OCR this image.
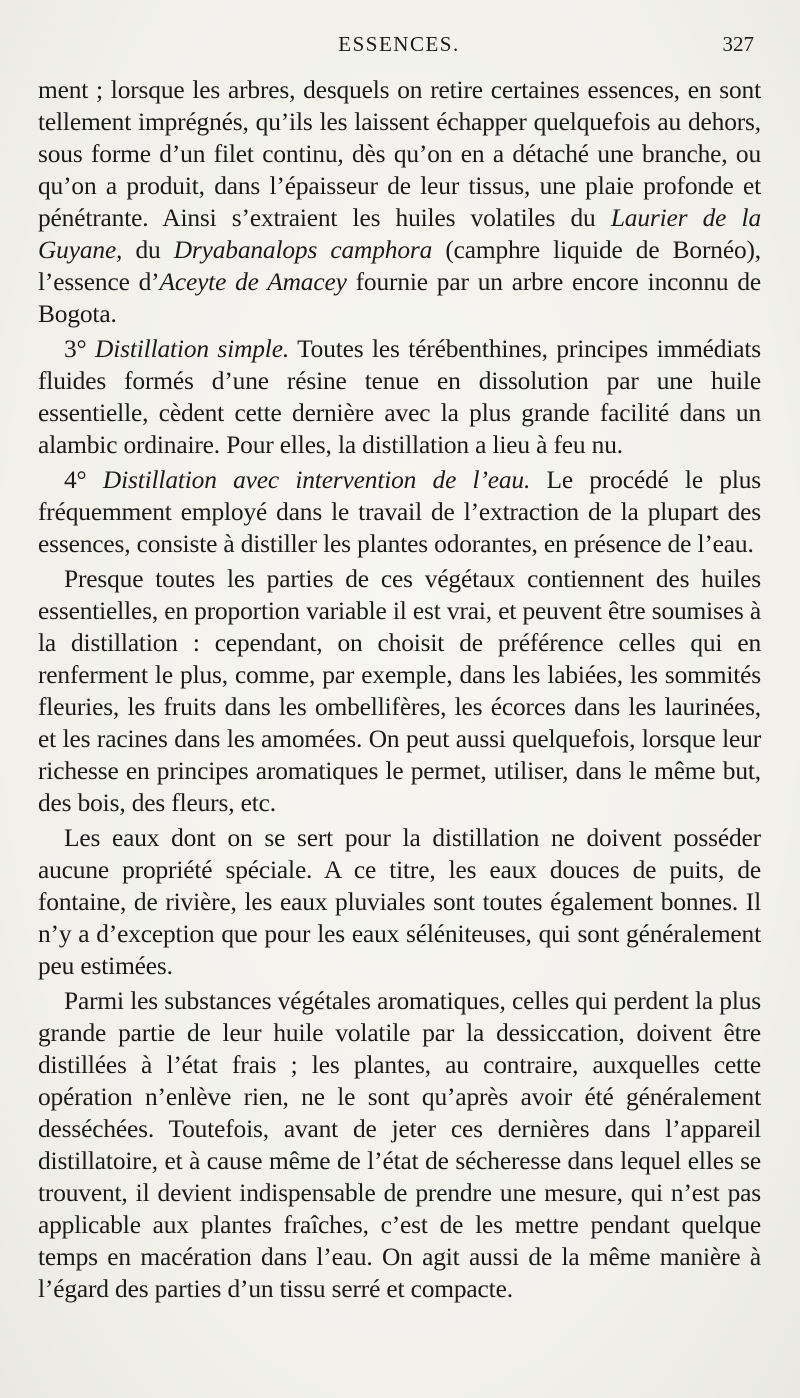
ESSENCES.	327

ment ; lorsque les arbres, desquels on retire certaines essences, en sont tellement imprégnés, qu’ils les laissent échapper quelquefois au dehors, sous forme d’un filet continu, dès qu’on en a détaché une branche, ou qu’on a produit, dans l’épaisseur de leur tissus, une plaie profonde et pénétrante. Ainsi s’extraient les huiles volatiles du Laurier de la Guyane, du Dryabanalops camphora (camphre liquide de Bornéo), l’essence d’Aceyte de Amacey fournie par un arbre encore inconnu de Bogota.

3° Distillation simple. Toutes les térébenthines, principes immédiats fluides formés d’une résine tenue en dissolution par une huile essentielle, cèdent cette dernière avec la plus grande facilité dans un alambic ordinaire. Pour elles, la distillation a lieu à feu nu.

4° Distillation avec intervention de l’eau. Le procédé le plus fréquemment employé dans le travail de l’extraction de la plupart des essences, consiste à distiller les plantes odorantes, en présence de l’eau.

Presque toutes les parties de ces végétaux contiennent des huiles essentielles, en proportion variable il est vrai, et peuvent être soumises à la distillation : cependant, on choisit de préférence celles qui en renferment le plus, comme, par exemple, dans les labiées, les sommités fleuries, les fruits dans les ombellifères, les écorces dans les laurinées, et les racines dans les amomées. On peut aussi quelquefois, lorsque leur richesse en principes aromatiques le permet, utiliser, dans le même but, des bois, des fleurs, etc.

Les eaux dont on se sert pour la distillation ne doivent posséder aucune propriété spéciale. A ce titre, les eaux douces de puits, de fontaine, de rivière, les eaux pluviales sont toutes également bonnes. Il n’y a d’exception que pour les eaux séléniteuses, qui sont généralement peu estimées.

Parmi les substances végétales aromatiques, celles qui perdent la plus grande partie de leur huile volatile par la dessiccation, doivent être distillées à l’état frais ; les plantes, au contraire, auxquelles cette opération n’enlève rien, ne le sont qu’après avoir été généralement desséchées. Toutefois, avant de jeter ces dernières dans l’appareil distillatoire, et à cause même de l’état de sécheresse dans lequel elles se trouvent, il devient indispensable de prendre une mesure, qui n’est pas applicable aux plantes fraîches, c’est de les mettre pendant quelque temps en macération dans l’eau. On agit aussi de la même manière à l’égard des parties d’un tissu serré et compacte.
